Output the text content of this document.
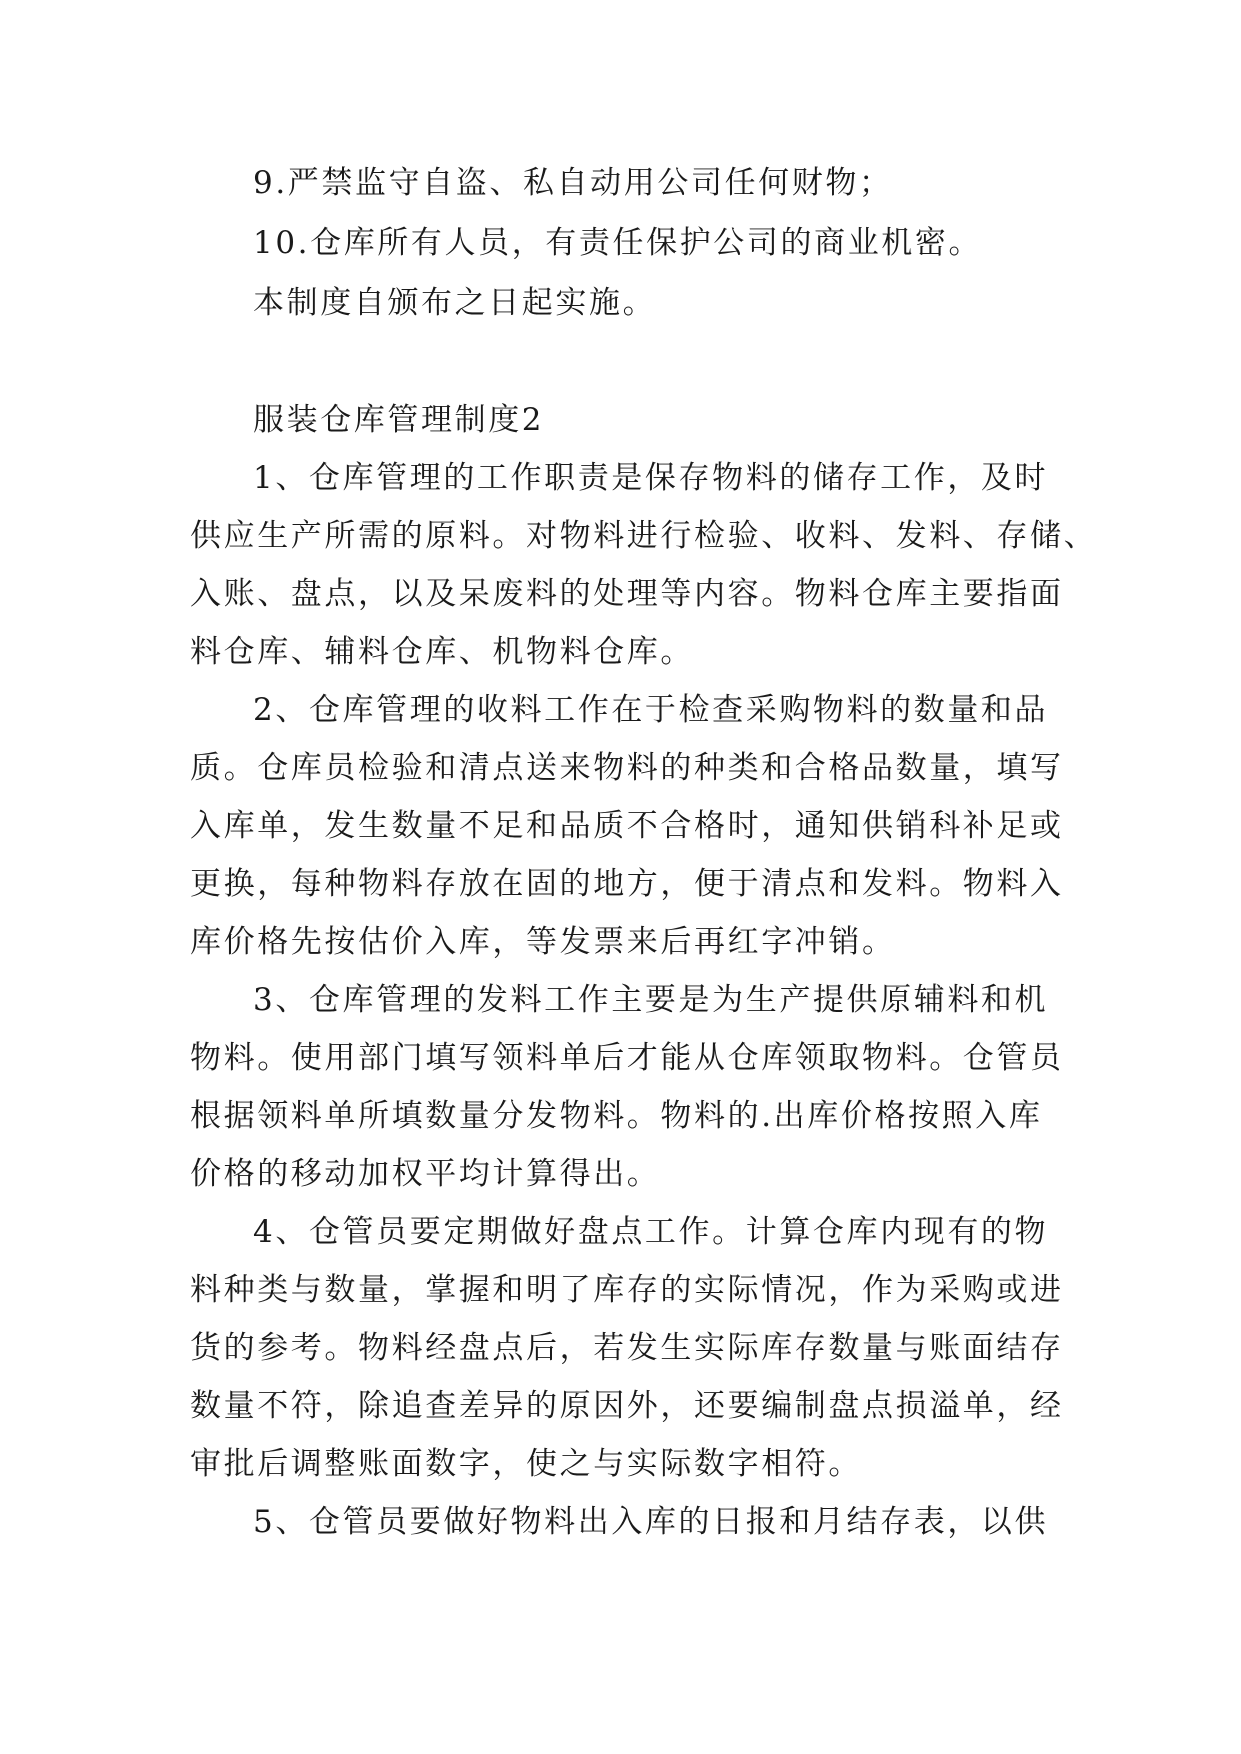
9.严禁监守自盗、私自动用公司任何财物；
10.仓库所有人员，有责任保护公司的商业机密。
本制度自颁布之日起实施。
服装仓库管理制度2
1、仓库管理的工作职责是保存物料的储存工作，及时
供应生产所需的原料。对物料进行检验、收料、发料、存储、
入账、盘点，以及呆废料的处理等内容。物料仓库主要指面
料仓库、辅料仓库、机物料仓库。
2、仓库管理的收料工作在于检查采购物料的数量和品
质。仓库员检验和清点送来物料的种类和合格品数量，填写
入库单，发生数量不足和品质不合格时，通知供销科补足或
更换，每种物料存放在固的地方，便于清点和发料。物料入
库价格先按估价入库，等发票来后再红字冲销。
3、仓库管理的发料工作主要是为生产提供原辅料和机
物料。使用部门填写领料单后才能从仓库领取物料。仓管员
根据领料单所填数量分发物料。物料的.出库价格按照入库
价格的移动加权平均计算得出。
4、仓管员要定期做好盘点工作。计算仓库内现有的物
料种类与数量，掌握和明了库存的实际情况，作为采购或进
货的参考。物料经盘点后，若发生实际库存数量与账面结存
数量不符，除追查差异的原因外，还要编制盘点损溢单，经
审批后调整账面数字，使之与实际数字相符。
5、仓管员要做好物料出入库的日报和月结存表，以供
